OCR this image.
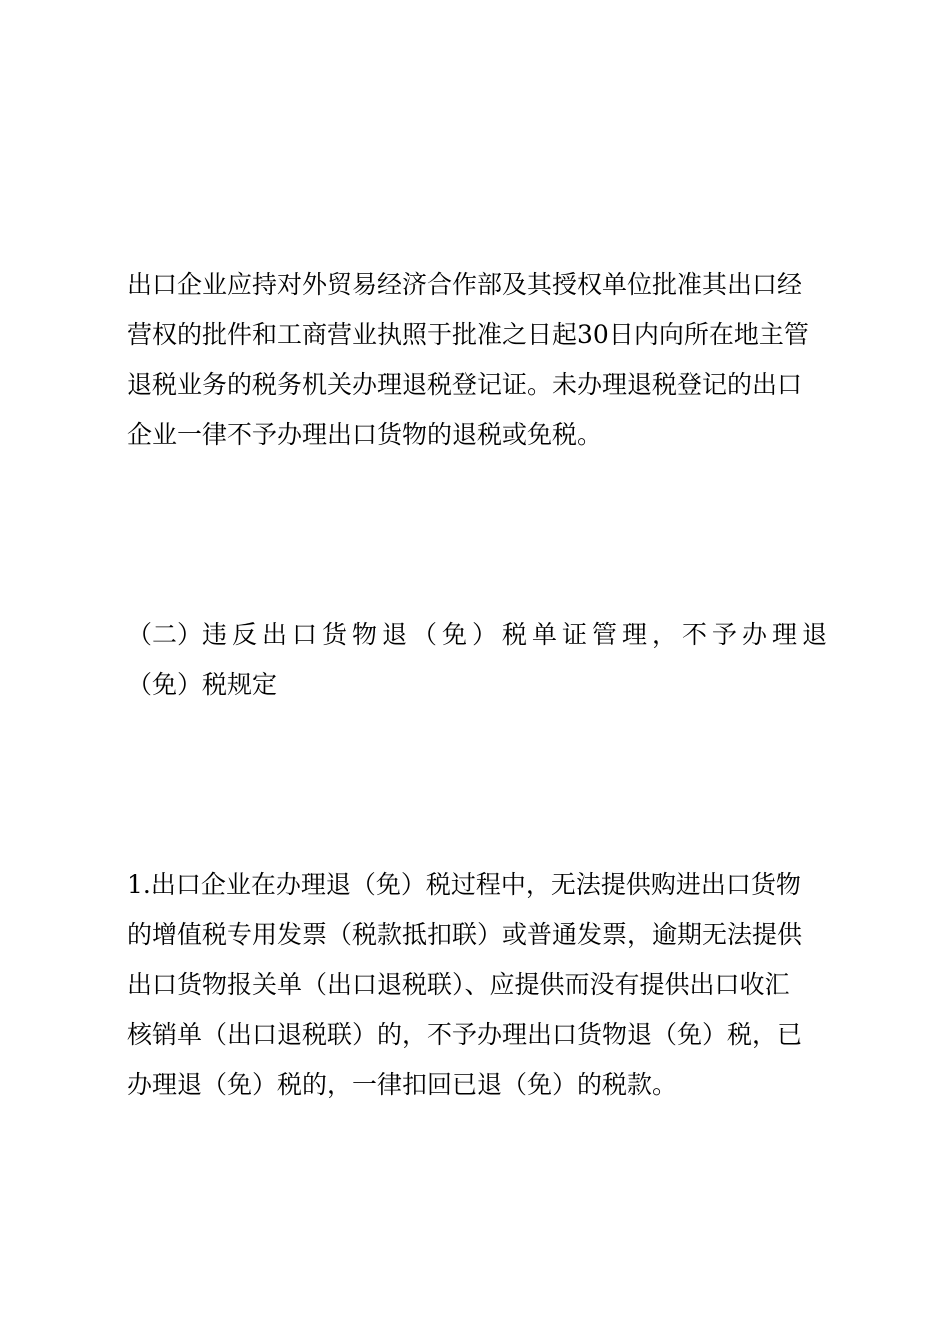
出口企业应持对外贸易经济合作部及其授权单位批准其出口经
营权的批件和工商营业执照于批准之日起30日内向所在地主管
退税业务的税务机关办理退税登记证。未办理退税登记的出口
企业一律不予办理出口货物的退税或免税。
（二） 违反出口货物退（免）税单证管理，不予办理退
（免）税规定
1.出口企业在办理退（免）税过程中，无法提供购进出口货物
的增值税专用发票（税款抵扣联）或普通发票，逾期无法提供
出口货物报关单（出口退税联）、应提供而没有提供出口收汇
核销单（出口退税联）的，不予办理出口货物退（免）税，已
办理退（免）税的，一律扣回已退（免）的税款。
